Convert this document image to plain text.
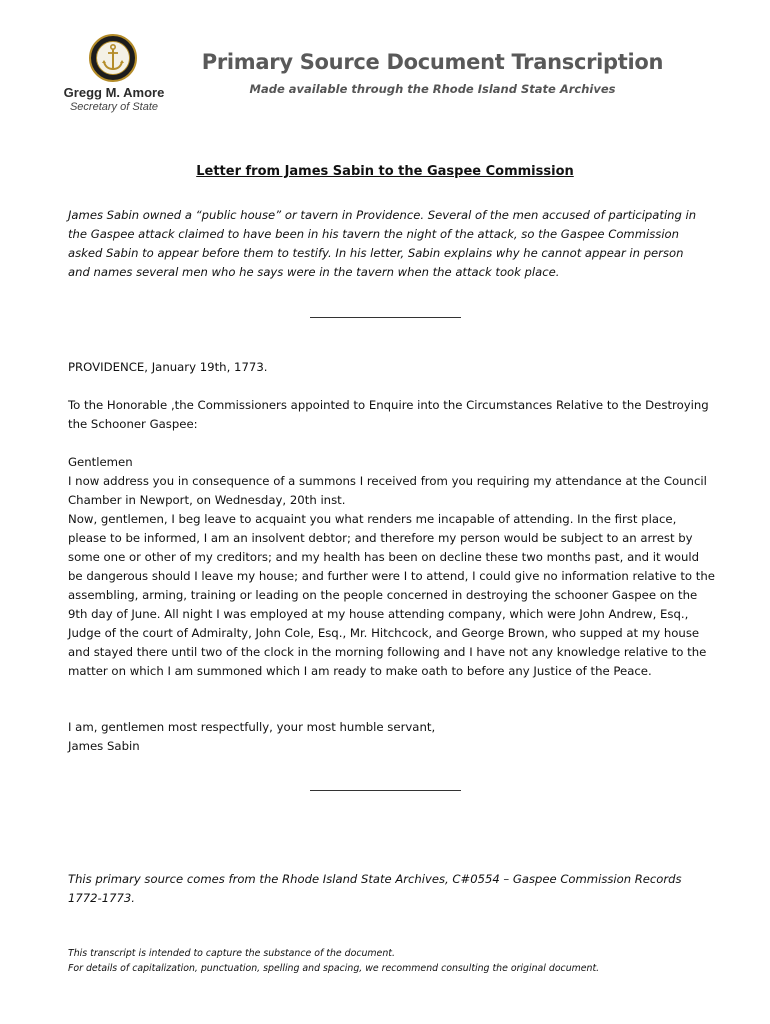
Gregg M. Amore
Secretary of State
Primary Source Document Transcription
Made available through the Rhode Island State Archives
Letter from James Sabin to the Gaspee Commission

James Sabin owned a “public house” or tavern in Providence. Several of the men accused of participating in the Gaspee attack claimed to have been in his tavern the night of the attack, so the Gaspee Commission asked Sabin to appear before them to testify. In his letter, Sabin explains why he cannot appear in person and names several men who he says were in the tavern when the attack took place.

PROVIDENCE, January 19th, 1773.

To the Honorable ,the Commissioners appointed to Enquire into the Circumstances Relative to the Destroying the Schooner Gaspee:

Gentlemen

I now address you in consequence of a summons I received from you requiring my attendance at the Council Chamber in Newport, on Wednesday, 20th inst.

Now, gentlemen, I beg leave to acquaint you what renders me incapable of attending. In the first place, please to be informed, I am an insolvent debtor; and therefore my person would be subject to an arrest by some one or other of my creditors; and my health has been on decline these two months past, and it would be dangerous should I leave my house; and further were I to attend, I could give no information relative to the assembling, arming, training or leading on the people concerned in destroying the schooner Gaspee on the 9th day of June. All night I was employed at my house attending company, which were John Andrew, Esq., Judge of the court of Admiralty, John Cole, Esq., Mr. Hitchcock, and George Brown, who supped at my house and stayed there until two of the clock in the morning following and I have not any knowledge relative to the matter on which I am summoned which I am ready to make oath to before any Justice of the Peace.

I am, gentlemen most respectfully, your most humble servant,

James Sabin

This primary source comes from the Rhode Island State Archives, C#0554 – Gaspee Commission Records 1772-1773.

This transcript is intended to capture the substance of the document.

For details of capitalization, punctuation, spelling and spacing, we recommend consulting the original document.
